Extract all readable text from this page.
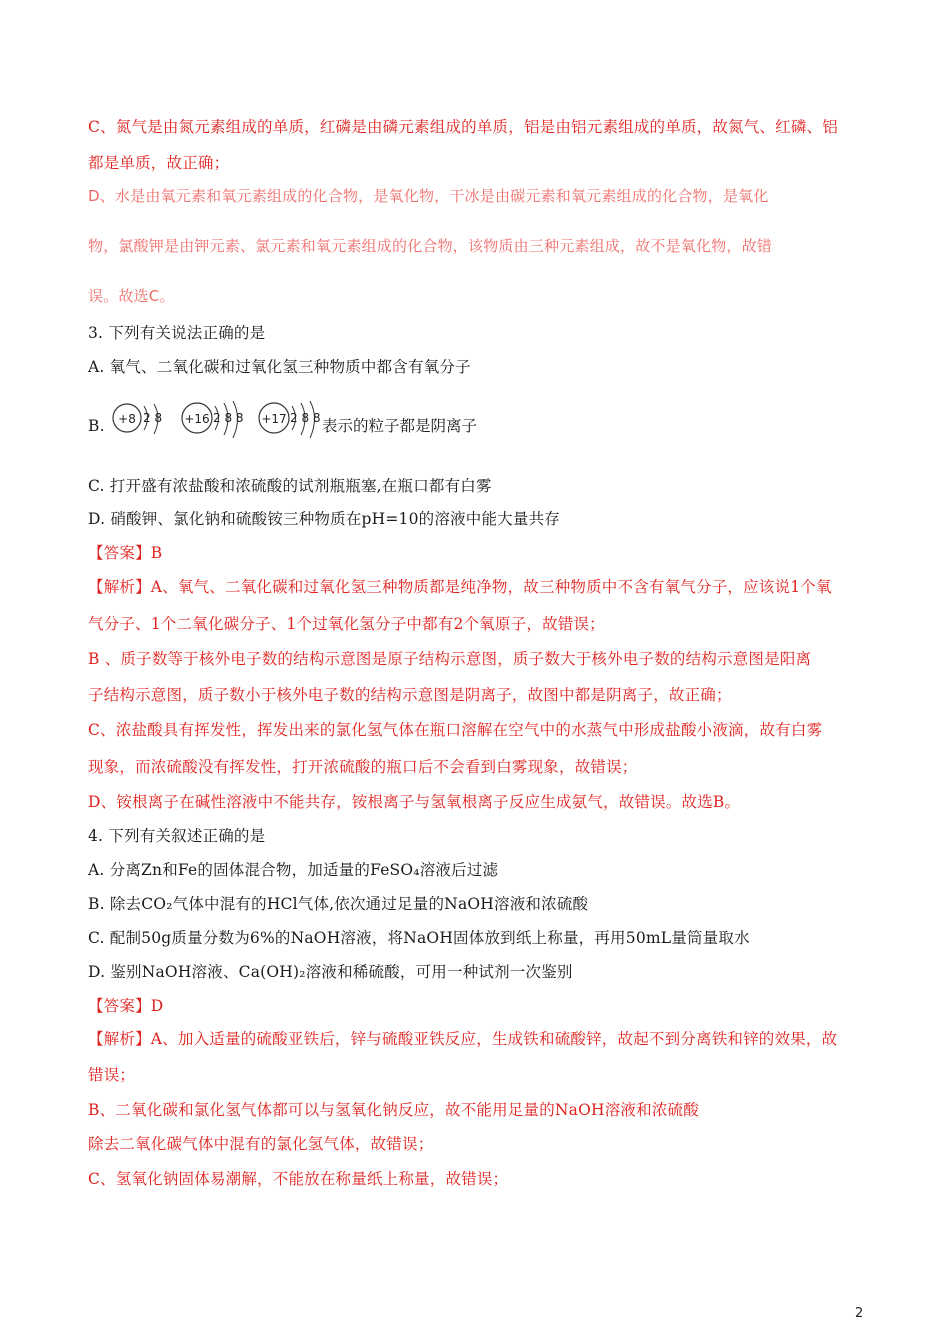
C、氮气是由氮元素组成的单质，红磷是由磷元素组成的单质，铝是由铝元素组成的单质，故氮气、红磷、铝
都是单质，故正确；
D、水是由氧元素和氧元素组成的化合物，是氧化物，干冰是由碳元素和氧元素组成的化合物，是氧化
物，氯酸钾是由钾元素、氯元素和氧元素组成的化合物，该物质由三种元素组成，故不是氧化物，故错
误。故选C。
3. 下列有关说法正确的是
A. 氧气、二氧化碳和过氧化氢三种物质中都含有氧分子
B. +8 2 8 +16 2 8 8 +17 2 8 8 表示的粒子都是阴离子
C. 打开盛有浓盐酸和浓硫酸的试剂瓶瓶塞,在瓶口都有白雾
D. 硝酸钾、氯化钠和硫酸铵三种物质在pH=10的溶液中能大量共存
【答案】B
【解析】A、氧气、二氧化碳和过氧化氢三种物质都是纯净物，故三种物质中不含有氧气分子，应该说1个氧
气分子、1个二氧化碳分子、1个过氧化氢分子中都有2个氧原子，故错误；
B 、质子数等于核外电子数的结构示意图是原子结构示意图，质子数大于核外电子数的结构示意图是阳离
子结构示意图，质子数小于核外电子数的结构示意图是阴离子，故图中都是阴离子，故正确；
C、浓盐酸具有挥发性，挥发出来的氯化氢气体在瓶口溶解在空气中的水蒸气中形成盐酸小液滴，故有白雾
现象，而浓硫酸没有挥发性，打开浓硫酸的瓶口后不会看到白雾现象，故错误；
D、铵根离子在碱性溶液中不能共存，铵根离子与氢氧根离子反应生成氨气，故错误。故选B。
4. 下列有关叙述正确的是
A. 分离Zn和Fe的固体混合物，加适量的FeSO₄溶液后过滤
B. 除去CO₂气体中混有的HCl气体,依次通过足量的NaOH溶液和浓硫酸
C. 配制50g质量分数为6%的NaOH溶液，将NaOH固体放到纸上称量，再用50mL量筒量取水
D. 鉴别NaOH溶液、Ca(OH)₂溶液和稀硫酸，可用一种试剂一次鉴别
【答案】D
【解析】A、加入适量的硫酸亚铁后，锌与硫酸亚铁反应，生成铁和硫酸锌，故起不到分离铁和锌的效果，故
错误；
B、二氧化碳和氯化氢气体都可以与氢氧化钠反应，故不能用足量的NaOH溶液和浓硫酸
除去二氧化碳气体中混有的氯化氢气体，故错误；
C、氢氧化钠固体易潮解，不能放在称量纸上称量，故错误；
2
